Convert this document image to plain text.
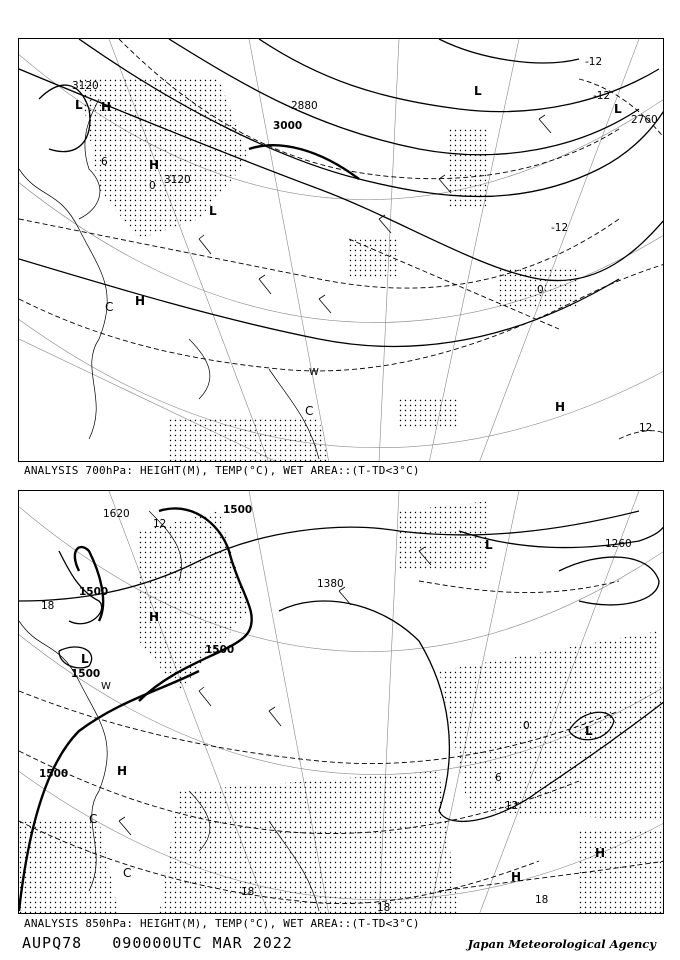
3120
3000
2880
2760
3120
-12
-12
-12
0
6
12
0
L H
H
L
H
L
L
H
C
C
W
ANALYSIS 700hPa: HEIGHT(M), TEMP(°C), WET AREA::(T-TD<3°C)
1620	1500
1500
1500
1500
1380
1260
1500
12
18
6
0
12
18
18
18
H
L
L
H
L
H
H
C
C
W
ANALYSIS 850hPa: HEIGHT(M), TEMP(°C), WET AREA::(T-TD<3°C)
AUPQ78 090000UTC MAR 2022	Japan Meteorological Agency
